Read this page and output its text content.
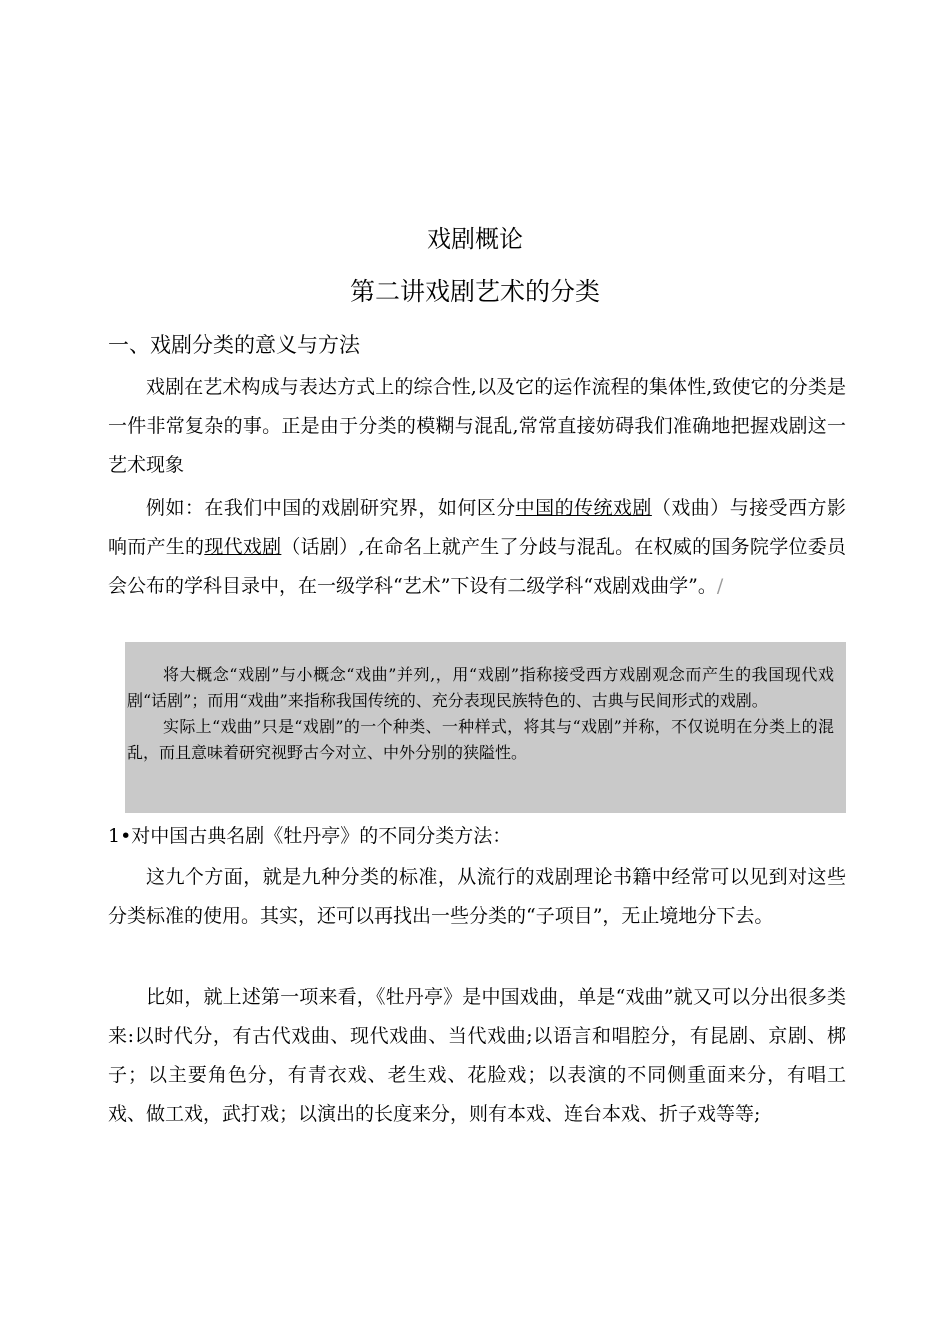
戏剧概论
第二讲戏剧艺术的分类
一、戏剧分类的意义与方法

戏剧在艺术构成与表达方式上的综合性,以及它的运作流程的集体性,致使它的分类是一件非常复杂的事。正是由于分类的模糊与混乱,常常直接妨碍我们准确地把握戏剧这一艺术现象

例如：在我们中国的戏剧研究界，如何区分中国的传统戏剧（戏曲）与接受西方影响而产生的现代戏剧（话剧）,在命名上就产生了分歧与混乱。在权威的国务院学位委员会公布的学科目录中，在一级学科“艺术”下设有二级学科“戏剧戏曲学”。/

将大概念“戏剧”与小概念“戏曲”并列,，用“戏剧”指称接受西方戏剧观念而产生的我国现代戏剧“话剧”；而用“戏曲”来指称我国传统的、充分表现民族特色的、古典与民间形式的戏剧。

实际上“戏曲”只是“戏剧”的一个种类、一种样式，将其与“戏剧”并称，不仅说明在分类上的混乱，而且意味着研究视野古今对立、中外分别的狭隘性。

1•对中国古典名剧《牡丹亭》的不同分类方法：

这九个方面，就是九种分类的标准，从流行的戏剧理论书籍中经常可以见到对这些分类标准的使用。其实，还可以再找出一些分类的“子项目”，无止境地分下去。

比如，就上述第一项来看，《牡丹亭》是中国戏曲，单是“戏曲”就又可以分出很多类来:以时代分，有古代戏曲、现代戏曲、当代戏曲;以语言和唱腔分，有昆剧、京剧、梆子；以主要角色分，有青衣戏、老生戏、花脸戏；以表演的不同侧重面来分，有唱工戏、做工戏，武打戏；以演出的长度来分，则有本戏、连台本戏、折子戏等等;
